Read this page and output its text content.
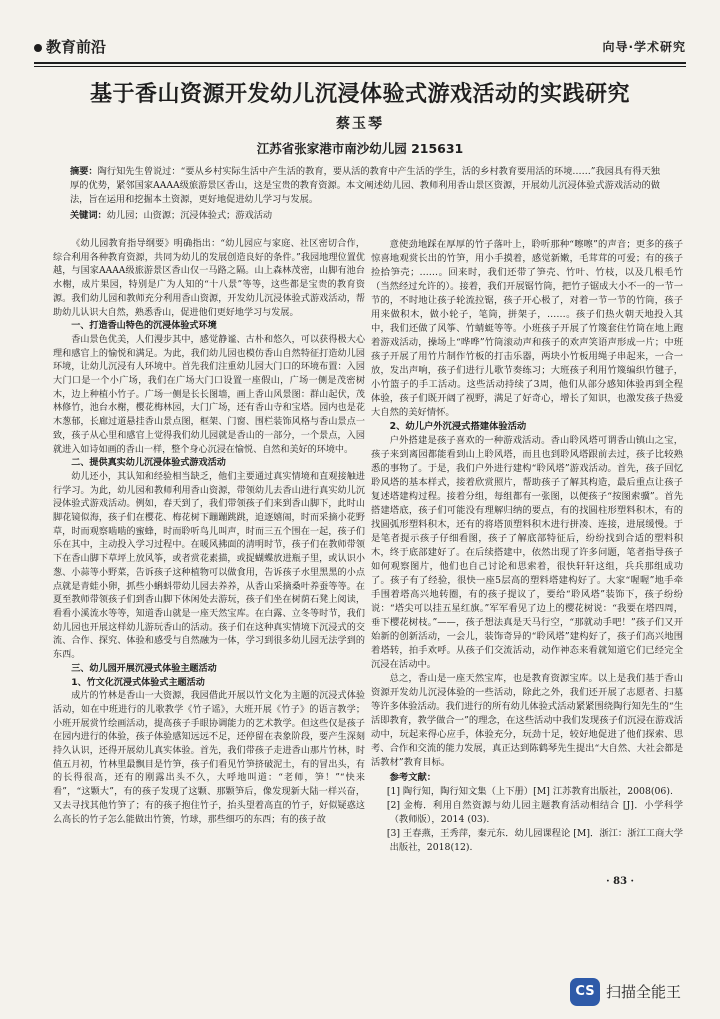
教育前沿	向导·学术研究
基于香山资源开发幼儿沉浸体验式游戏活动的实践研究
蔡玉琴
江苏省张家港市南沙幼儿园 215631
摘要：陶行知先生曾说过：“要从乡村实际生活中产生活的教育，要从活的教育中产生活的学生，活的乡村教育要用活的环境……”我园具有得天独厚的优势，紧邻国家AAAA级旅游景区香山，这是宝贵的教育资源。本文阐述幼儿园、教师利用香山景区资源，开展幼儿沉浸体验式游戏活动的做法，旨在运用和挖掘本土资源，更好地促进幼儿学习与发展。
关键词：幼儿园；山资源；沉浸体验式；游戏活动

《幼儿园教育指导纲要》明确指出：“幼儿园应与家庭、社区密切合作，综合利用各种教育资源，共同为幼儿的发展创造良好的条件。”我园地理位置优越，与国家AAAA级旅游景区香山仅一马路之隔。山上森林茂密，山脚有池台水榭，成片果园，特别是广为人知的“十八景”等等，这些都是宝贵的教育资源。我们幼儿园和教师充分利用香山资源，开发幼儿沉浸体验式游戏活动，帮助幼儿认识大自然，熟悉香山，促进他们更好地学习与发展。

一、打造香山特色的沉浸体验式环境

香山景色优美，人们漫步其中，感觉静谧、古朴和悠久，可以获得极大心理和感官上的愉悦和满足。为此，我们幼儿园也模仿香山自然特征打造幼儿园环境，让幼儿沉浸有人环境中。首先我们注重幼儿园大门口的环境布置：入园大门口是一个小广场，我们在广场大门口设置一座假山，广场一侧是茂密树木，边上种植小竹子。广场一侧是长长图墙，画上香山风景图：群山起伏，茂林修竹，池台水榭，樱花梅林园，大门广场，还有香山寺和宝塔。园内也是花木葱郁，长廊过道悬挂香山景点图，框架、门窗、围栏装饰风格与香山景点一致，孩子从心里和感官上觉得我们幼儿园就是香山的一部分，一个景点，入园就进入如诗如画的香山一样，整个身心沉浸在愉悦、自然和美好的环境中。

二、提供真实幼儿沉浸体验式游戏活动

幼儿还小，其认知和经验相当缺乏，他们主要通过真实情境和直观接触进行学习。为此，幼儿园和教师利用香山资源，带领幼儿去香山进行真实幼儿沉浸体验式游戏活动。例如，春天到了，我们带领孩子们来到香山脚下，此时山脚花镜似海，孩子们在樱花、梅花树下蹦蹦跳跳，追逐嬉闹，时而采摘小花野草，时而观察啮啮的蜜蜂，时而聆听鸟儿叫声，时而三五个围在一起，孩子们乐在其中，主动投入学习过程中。在暖风拂面的清明时节，孩子们在教师带领下在香山脚下草坪上放风筝，或者赏花素描，或捉蝴蝶放进瓶子里，或认识小葱、小蒜等小野菜，告诉孩子这种植物可以做食用，告诉孩子水里黑黑的小点点就是青蛙小卵，抓些小蝌蚪带幼儿园去养养，从香山采摘桑叶养蚕等等。在夏至教师带领孩子们到香山脚下休闲处去游玩，孩子们坐在树荫石凳上阅读，看看小溪流水等等，知道香山就是一座天然宝库。在白露、立冬等时节，我们幼儿园也开展这样幼儿游玩香山的活动。孩子们在这种真实情境下沉浸式的交流、合作、探究、体验和感受与自然融为一体，学习到很多幼儿园无法学到的东西。

三、幼儿园开展沉浸式体验主题活动
1、竹文化沉浸式体验式主题活动

成片的竹林是香山一大资源，我园借此开展以竹文化为主题的沉浸式体验活动，如在中班进行的儿歌教学《竹子谣》，大班开展《竹子》的语言教学；小班开展赏竹绘画活动，提高孩子手眼协调能力的艺术教学。但这些仅是孩子在园内进行的体验，孩子体验感知远远不足，还停留在表象阶段，要产生深刻持久认识，还得开展幼儿真实体验。首先，我们带孩子走进香山那片竹林，时值五月初，竹林里最飘目是竹笋，孩子们看见竹笋挤破泥土，有的冒出头，有的长得很高，还有的刚露出头不久，大呼地叫道：“老师，笋！”“快来看”，“这颗大”，有的孩子发现了这颗、那颗笋后，像发现新大陆一样兴奋，又去寻找其他竹笋了；有的孩子抱住竹子，抬头望着高直的竹子，好似疑惑这么高长的竹子怎么能做出竹箦，竹球，那些细巧的东西；有的孩子故

意使劲地踩在厚厚的竹子落叶上，聆听那种“嚓嚓”的声音；更多的孩子惊喜地观赏长出的竹笋，用小手摸着，感觉新嫩，毛茸茸的可爱；有的孩子捡拾笋壳；……。回来时，我们还带了笋壳、竹叶、竹枝，以及几根毛竹（当然经过允许的）。接着，我们开展锯竹筒，把竹子锯成大小不一的一节一节的，不时地让孩子轮流拉锯，孩子开心极了，对着一节一节的竹筒，孩子用来做积木，做小轮子，笔筒，拼架子，……。孩子们热火朝天地投入其中，我们还做了风筝、竹蜻蜓等等。小班孩子开展了竹篾套住竹筒在地上跑着游戏活动，操场上“哗哗”竹筒滚动声和孩子的欢声笑语声形成一片；中班孩子开展了用竹片制作竹板的打击乐器，两块小竹板用绳子串起来，一合一放，发出声响，孩子们进行儿歌节奏练习；大班孩子利用竹篾编织竹毽子，小竹篮子的手工活动。这些活动持续了3周，他们从部分感知体验再到全程体验，孩子们既开阔了视野，满足了好奇心，增长了知识，也激发孩子热爱大自然的美好情怀。

2、幼儿户外沉浸式搭建体验活动

户外搭建是孩子喜欢的一种游戏活动。香山聆风塔可谓香山镇山之宝，孩子来到离园都能看到山上聆风塔，而且也到聆风塔跟前去过，孩子比较熟悉的事物了。于是，我们户外进行建构“聆风塔”游戏活动。首先，孩子回忆聆风塔的基本样式，接着欣赏照片，帮助孩子了解其构造，最后重点让孩子复述塔建构过程。接着分组，每组都有一张图，以便孩子“按图索骥”。首先搭建塔底，孩子们可能没有理解归纳的要点，有的找圆柱形塑料积木，有的找圆弧形塑料积木，还有的将塔顶塑料积木进行拼凑、连接，进展缓慢。于是笔者提示孩子仔细看图，孩子了解底部特征后，纷纷找到合适的塑料积木，终于底部建好了。在后续搭建中，依然出现了许多问题，笔者指导孩子如何观察图片，他们也自己讨论和思索着，很快轩轩这组，兵兵那组成功了。孩子有了经验，很快一座5层高的塑料塔建构好了。大家“喔喔”地手牵手围着塔高兴地转圈，有的孩子提议了，要给“聆风塔”装饰下，孩子纷纷说：“塔尖可以挂五星红旗。”军军看见了边上的樱花树说：“我要在塔四周，垂下樱花树枝。”——，孩子想法真是天马行空，“那就动手吧！”孩子们又开始新的创新活动，一会儿，装饰奇异的“聆风塔”建构好了，孩子们高兴地围着塔转，拍手欢呼。从孩子们交流活动，动作神态来看就知道它们已经完全沉浸在活动中。

总之，香山是一座天然宝库，也是教育资源宝库。以上是我们基于香山资源开发幼儿沉浸体验的一些活动，除此之外，我们还开展了志愿者、扫墓等许多体验活动。我们进行的所有幼儿体验式活动紧紧围绕陶行知先生的“生活即教育，教学做合一”的理念，在这些活动中我们发现孩子们沉浸在游戏活动中，玩起来得心应手，体验充分，玩劲十足，较好地促进了他们探索、思考、合作和交流的能力发展，真正达到陈鹤琴先生提出“大自然、大社会都是活教材”教育目标。

参考文献：
[1] 陶行知，陶行知文集（上下册）[M] 江苏教育出版社，2008(06).
[2] 金梅．利用自然资源与幼儿园主题教育活动相结合 [J]．小学科学（教师版），2014 (03).
[3] 王春燕，王秀萍，秦元东．幼儿园课程论 [M]．浙江：浙江工商大学出版社，2018(12).
· 83 ·
CS 扫描全能王
